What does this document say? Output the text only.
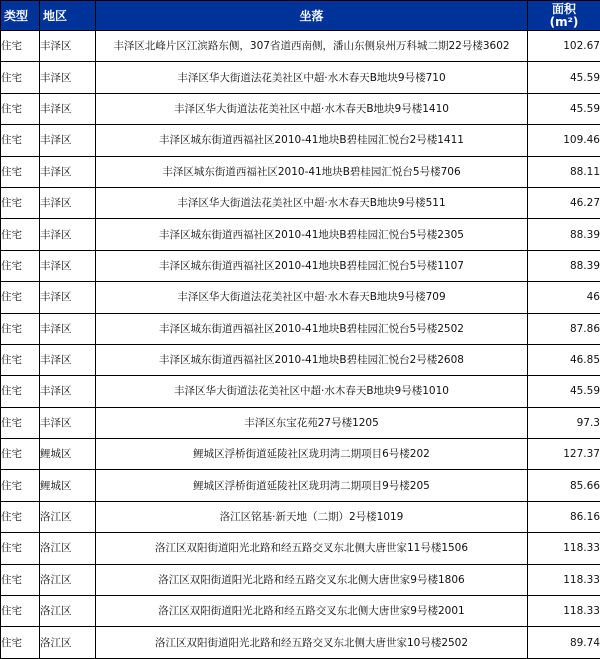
类型	地区	坐落	面积
(m²)

住宅	丰泽区	丰泽区北峰片区江滨路东侧，307省道西南侧，潘山东侧泉州万科城二期22号楼3602	102.67
住宅	丰泽区	丰泽区华大街道法花美社区中超·水木春天B地块9号楼710	45.59
住宅	丰泽区	丰泽区华大街道法花美社区中超·水木春天B地块9号楼1410	45.59
住宅	丰泽区	丰泽区城东街道西福社区2010-41地块B碧桂园汇悦台2号楼1411	109.46
住宅	丰泽区	丰泽区城东街道西福社区2010-41地块B碧桂园汇悦台5号楼706	88.11
住宅	丰泽区	丰泽区华大街道法花美社区中超·水木春天B地块9号楼511	46.27
住宅	丰泽区	丰泽区城东街道西福社区2010-41地块B碧桂园汇悦台5号楼2305	88.39
住宅	丰泽区	丰泽区城东街道西福社区2010-41地块B碧桂园汇悦台5号楼1107	88.39
住宅	丰泽区	丰泽区华大街道法花美社区中超·水木春天B地块9号楼709	46
住宅	丰泽区	丰泽区城东街道西福社区2010-41地块B碧桂园汇悦台5号楼2502	87.86
住宅	丰泽区	丰泽区城东街道西福社区2010-41地块B碧桂园汇悦台2号楼2608	46.85
住宅	丰泽区	丰泽区华大街道法花美社区中超·水木春天B地块9号楼1010	45.59
住宅	丰泽区	丰泽区东宝花苑27号楼1205	97.3
住宅	鲤城区	鲤城区浮桥街道延陵社区珑玥湾二期项目6号楼202	127.37
住宅	鲤城区	鲤城区浮桥街道延陵社区珑玥湾二期项目9号楼205	85.66
住宅	洛江区	洛江区铭基·新天地（二期）2号楼1019	86.16
住宅	洛江区	洛江区双阳街道阳光北路和经五路交叉东北侧大唐世家11号楼1506	118.33
住宅	洛江区	洛江区双阳街道阳光北路和经五路交叉东北侧大唐世家9号楼1806	118.33
住宅	洛江区	洛江区双阳街道阳光北路和经五路交叉东北侧大唐世家9号楼2001	118.33
住宅	洛江区	洛江区双阳街道阳光北路和经五路交叉东北侧大唐世家10号楼2502	89.74
